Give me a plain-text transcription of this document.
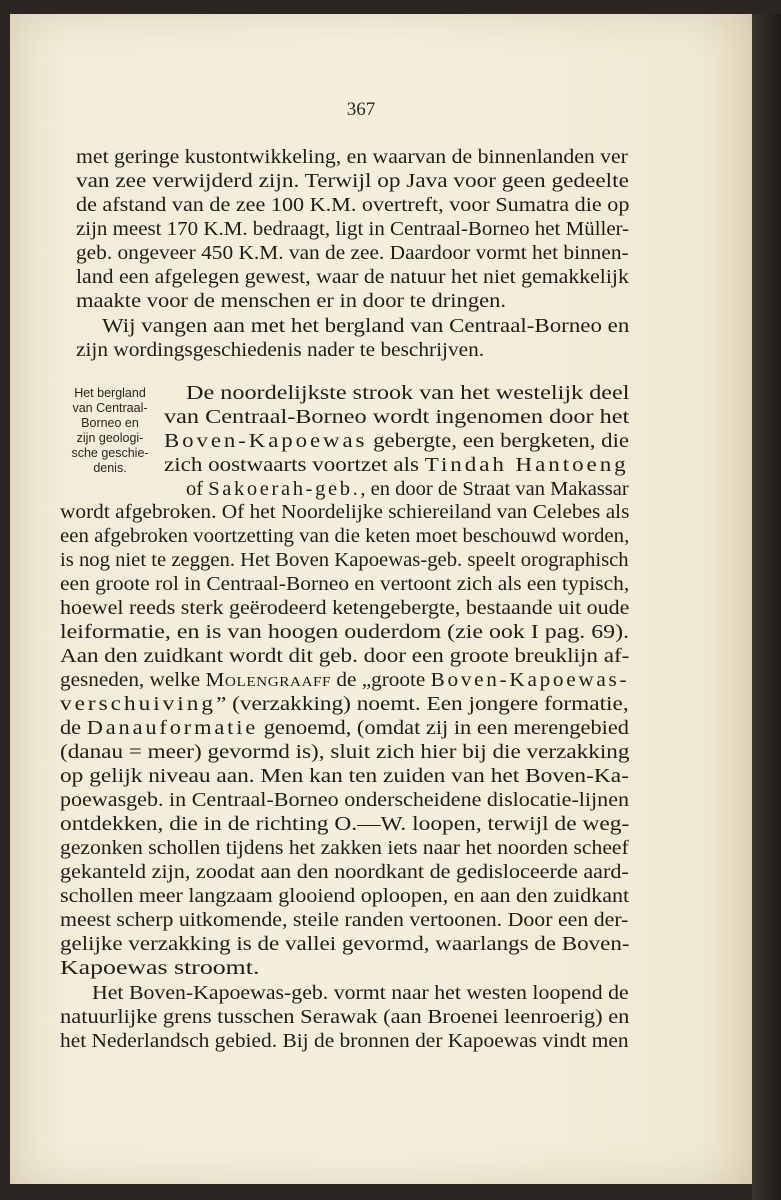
367
Het bergland
van Centraal-
Borneo en
zijn geologi-
sche geschie-
denis.
met geringe kustontwikkeling, en waarvan de binnenlanden ver
van zee verwijderd zijn. Terwijl op Java voor geen gedeelte
de afstand van de zee 100 K.M. overtreft, voor Sumatra die op
zijn meest 170 K.M. bedraagt, ligt in Centraal-Borneo het Müller-
geb. ongeveer 450 K.M. van de zee. Daardoor vormt het binnen-
land een afgelegen gewest, waar de natuur het niet gemakkelijk
maakte voor de menschen er in door te dringen.
Wij vangen aan met het bergland van Centraal-Borneo en
zijn wordingsgeschiedenis nader te beschrijven.
De noordelijkste strook van het westelijk deel
van Centraal-Borneo wordt ingenomen door het
Boven-Kapoewas gebergte, een bergketen, die
zich oostwaarts voortzet als Tindah Hantoeng
of Sakoerah-geb., en door de Straat van Makassar
wordt afgebroken. Of het Noordelijke schiereiland van Celebes als
een afgebroken voortzetting van die keten moet beschouwd worden,
is nog niet te zeggen. Het Boven Kapoewas-geb. speelt orographisch
een groote rol in Centraal-Borneo en vertoont zich als een typisch,
hoewel reeds sterk geërodeerd ketengebergte, bestaande uit oude
leiformatie, en is van hoogen ouderdom (zie ook I pag. 69).
Aan den zuidkant wordt dit geb. door een groote breuklijn af-
gesneden, welke Molengraaff de „groote Boven-Kapoewas-
verschuiving” (verzakking) noemt. Een jongere formatie,
de Danauformatie genoemd, (omdat zij in een merengebied
(danau = meer) gevormd is), sluit zich hier bij die verzakking
op gelijk niveau aan. Men kan ten zuiden van het Boven-Ka-
poewasgeb. in Centraal-Borneo onderscheidene dislocatie-lijnen
ontdekken, die in de richting O.—W. loopen, terwijl de weg-
gezonken schollen tijdens het zakken iets naar het noorden scheef
gekanteld zijn, zoodat aan den noordkant de gedisloceerde aard-
schollen meer langzaam glooiend oploopen, en aan den zuidkant
meest scherp uitkomende, steile randen vertoonen. Door een der-
gelijke verzakking is de vallei gevormd, waarlangs de Boven-
Kapoewas stroomt.
Het Boven-Kapoewas-geb. vormt naar het westen loopend de
natuurlijke grens tusschen Serawak (aan Broenei leenroerig) en
het Nederlandsch gebied. Bij de bronnen der Kapoewas vindt men
